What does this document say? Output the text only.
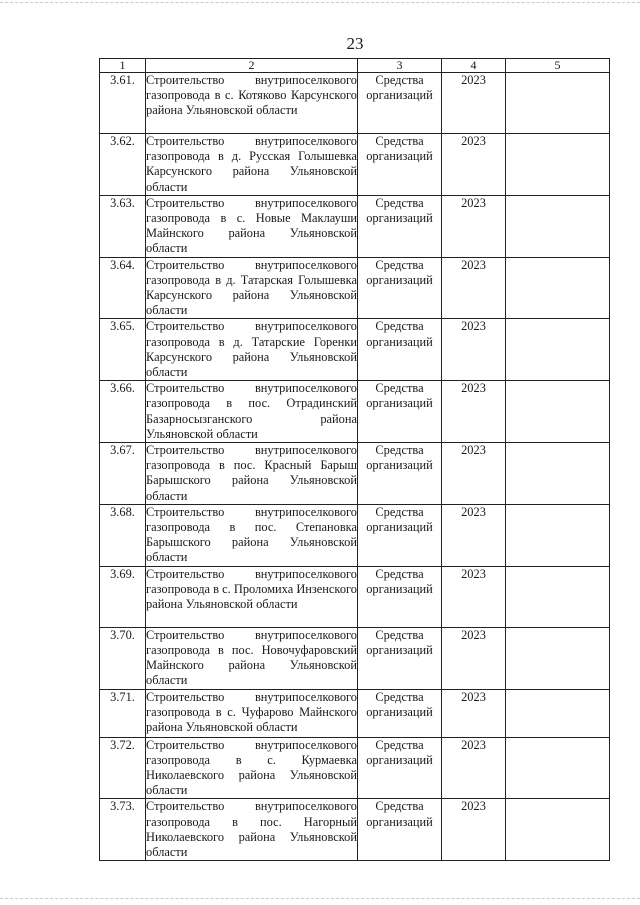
23
1	2	3	4	5
3.61.	Строительство внутрипоселкового газопровода в с. Котяково Карсунского района Ульяновской области	Средства организаций	2023	
3.62.	Строительство внутрипоселкового газопровода в д. Русская Голышевка Карсунского района Ульяновской области	Средства организаций	2023	
3.63.	Строительство внутрипоселкового газопровода в с. Новые Маклауши Майнского района Ульяновской области	Средства организаций	2023	
3.64.	Строительство внутрипоселкового газопровода в д. Татарская Голышевка Карсунского района Ульяновской области	Средства организаций	2023	
3.65.	Строительство внутрипоселкового газопровода в д. Татарские Горенки Карсунского района Ульяновской области	Средства организаций	2023	
3.66.	Строительство внутрипоселкового газопровода в пос. Отрадинский Базарносызганского района Ульяновской области	Средства организаций	2023	
3.67.	Строительство внутрипоселкового газопровода в пос. Красный Барыш Барышского района Ульяновской области	Средства организаций	2023	
3.68.	Строительство внутрипоселкового газопровода в пос. Степановка Барышского района Ульяновской области	Средства организаций	2023	
3.69.	Строительство внутрипоселкового газопровода в с. Проломиха Инзенского района Ульяновской области	Средства организаций	2023	
3.70.	Строительство внутрипоселкового газопровода в пос. Новочуфаровский Майнского района Ульяновской области	Средства организаций	2023	
3.71.	Строительство внутрипоселкового газопровода в с. Чуфарово Майнского района Ульяновской области	Средства организаций	2023	
3.72.	Строительство внутрипоселкового газопровода в с. Курмаевка Николаевского района Ульяновской области	Средства организаций	2023	
3.73.	Строительство внутрипоселкового газопровода в пос. Нагорный Николаевского района Ульяновской области	Средства организаций	2023	
